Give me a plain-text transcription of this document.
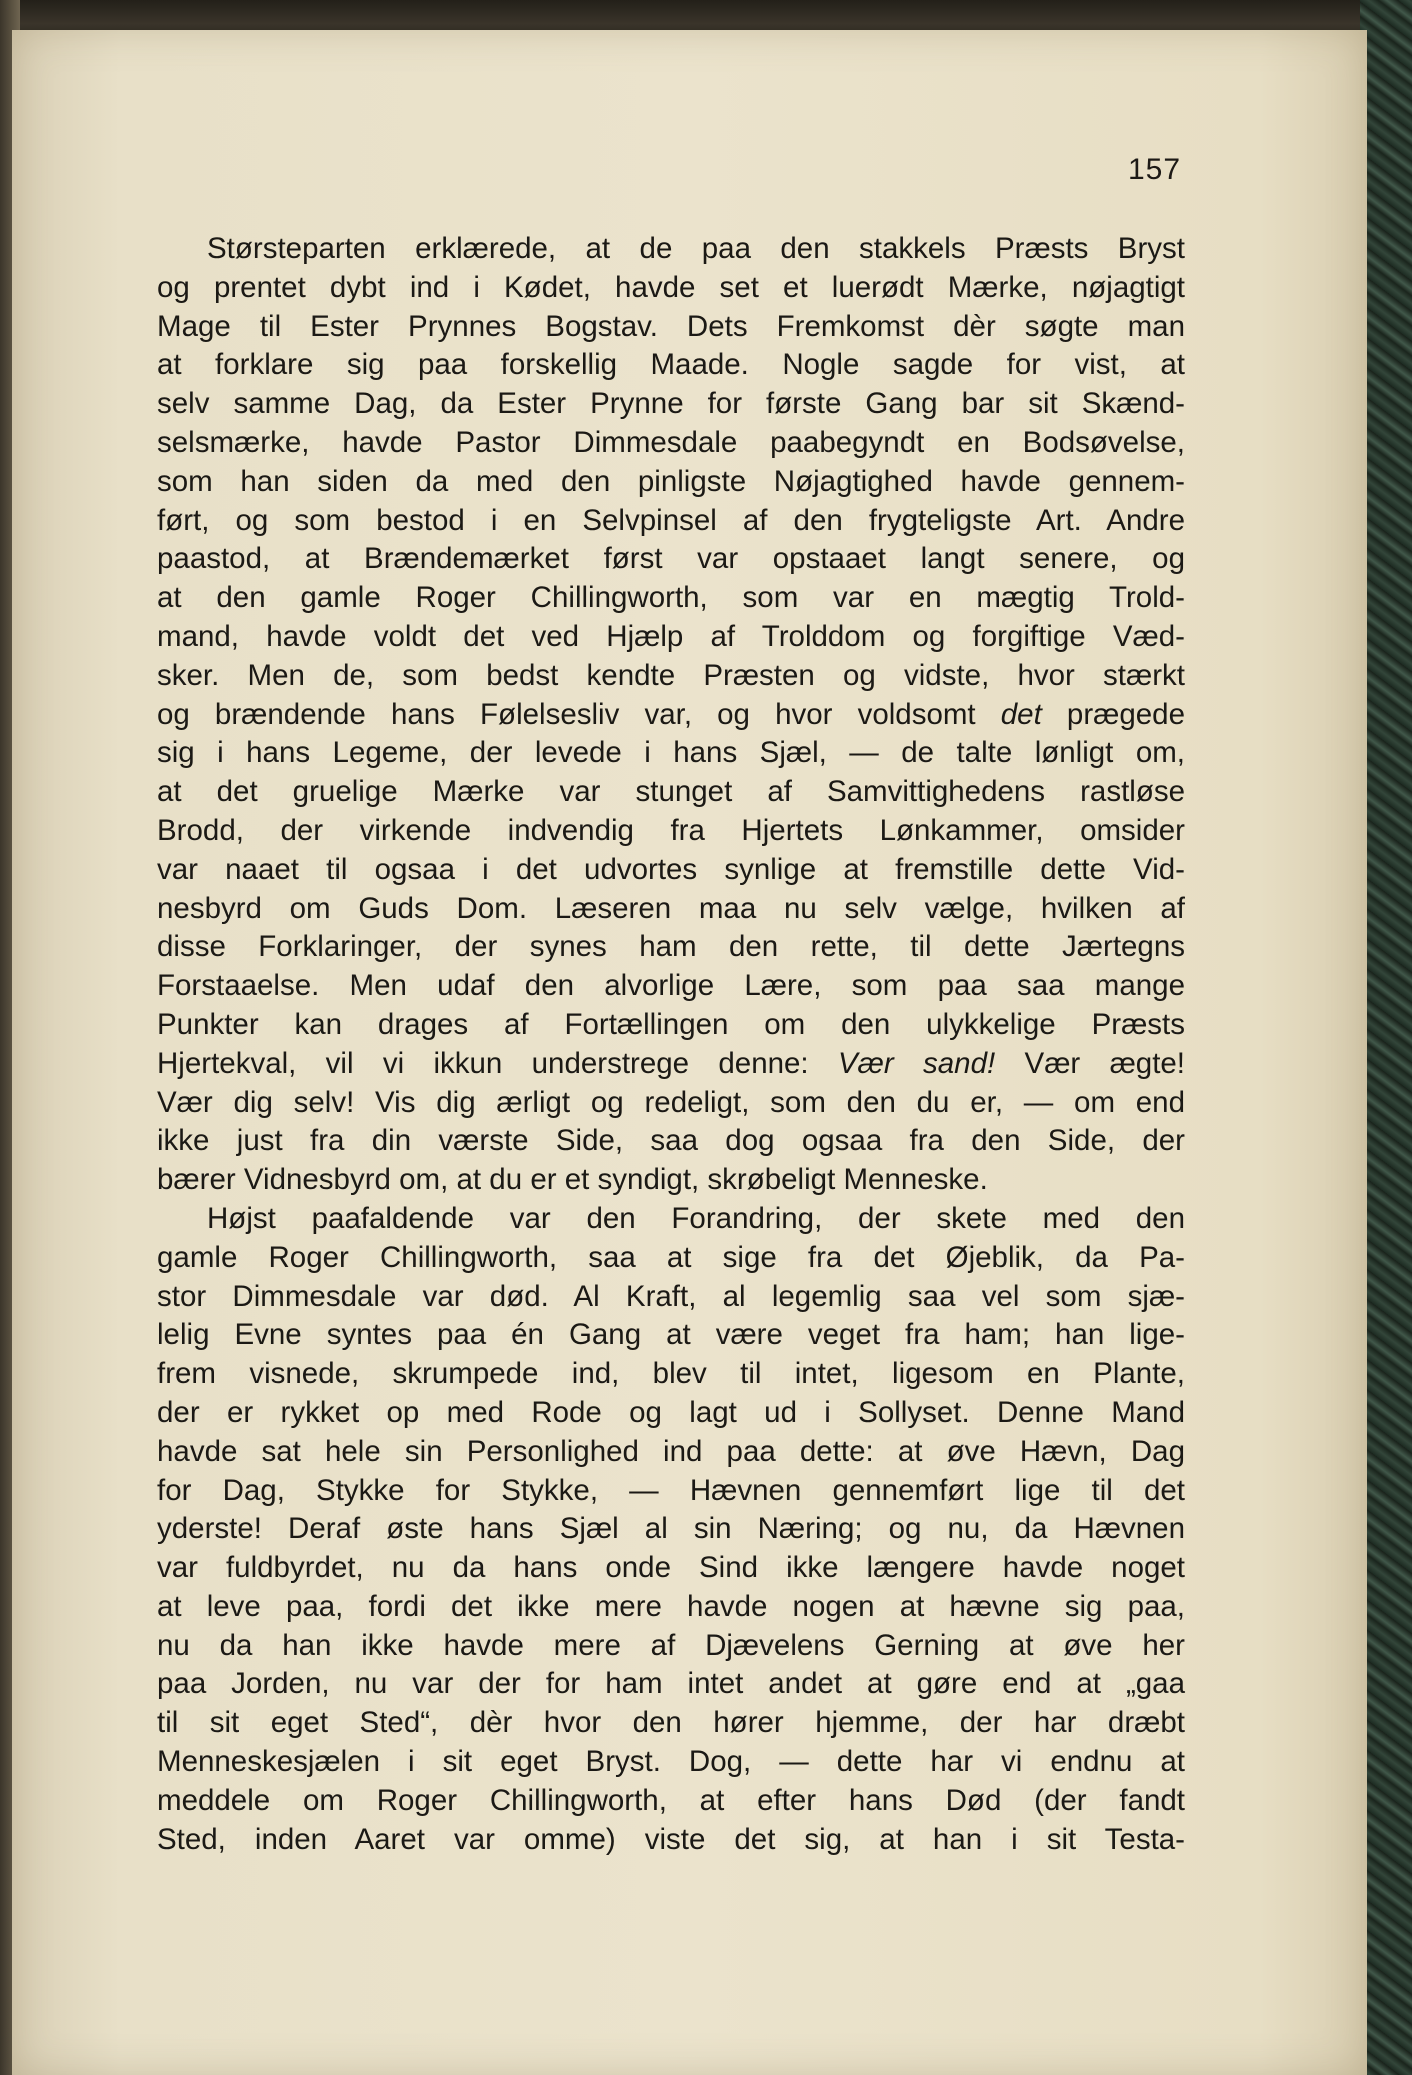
157
Størsteparten erklærede, at de paa den stakkels Præsts Bryst
og prentet dybt ind i Kødet, havde set et luerødt Mærke, nøjagtigt
Mage til Ester Prynnes Bogstav. Dets Fremkomst dèr søgte man
at forklare sig paa forskellig Maade. Nogle sagde for vist, at
selv samme Dag, da Ester Prynne for første Gang bar sit Skænd-
selsmærke, havde Pastor Dimmesdale paabegyndt en Bodsøvelse,
som han siden da med den pinligste Nøjagtighed havde gennem-
ført, og som bestod i en Selvpinsel af den frygteligste Art. Andre
paastod, at Brændemærket først var opstaaet langt senere, og
at den gamle Roger Chillingworth, som var en mægtig Trold-
mand, havde voldt det ved Hjælp af Trolddom og forgiftige Væd-
sker. Men de, som bedst kendte Præsten og vidste, hvor stærkt
og brændende hans Følelsesliv var, og hvor voldsomt det prægede
sig i hans Legeme, der levede i hans Sjæl, — de talte lønligt om,
at det gruelige Mærke var stunget af Samvittighedens rastløse
Brodd, der virkende indvendig fra Hjertets Lønkammer, omsider
var naaet til ogsaa i det udvortes synlige at fremstille dette Vid-
nesbyrd om Guds Dom. Læseren maa nu selv vælge, hvilken af
disse Forklaringer, der synes ham den rette, til dette Jærtegns
Forstaaelse. Men udaf den alvorlige Lære, som paa saa mange
Punkter kan drages af Fortællingen om den ulykkelige Præsts
Hjertekval, vil vi ikkun understrege denne: Vær sand! Vær ægte!
Vær dig selv! Vis dig ærligt og redeligt, som den du er, — om end
ikke just fra din værste Side, saa dog ogsaa fra den Side, der
bærer Vidnesbyrd om, at du er et syndigt, skrøbeligt Menneske.
Højst paafaldende var den Forandring, der skete med den
gamle Roger Chillingworth, saa at sige fra det Øjeblik, da Pa-
stor Dimmesdale var død. Al Kraft, al legemlig saa vel som sjæ-
lelig Evne syntes paa én Gang at være veget fra ham; han lige-
frem visnede, skrumpede ind, blev til intet, ligesom en Plante,
der er rykket op med Rode og lagt ud i Sollyset. Denne Mand
havde sat hele sin Personlighed ind paa dette: at øve Hævn, Dag
for Dag, Stykke for Stykke, — Hævnen gennemført lige til det
yderste! Deraf øste hans Sjæl al sin Næring; og nu, da Hævnen
var fuldbyrdet, nu da hans onde Sind ikke længere havde noget
at leve paa, fordi det ikke mere havde nogen at hævne sig paa,
nu da han ikke havde mere af Djævelens Gerning at øve her
paa Jorden, nu var der for ham intet andet at gøre end at „gaa
til sit eget Sted“, dèr hvor den hører hjemme, der har dræbt
Menneskesjælen i sit eget Bryst. Dog, — dette har vi endnu at
meddele om Roger Chillingworth, at efter hans Død (der fandt
Sted, inden Aaret var omme) viste det sig, at han i sit Testa-
